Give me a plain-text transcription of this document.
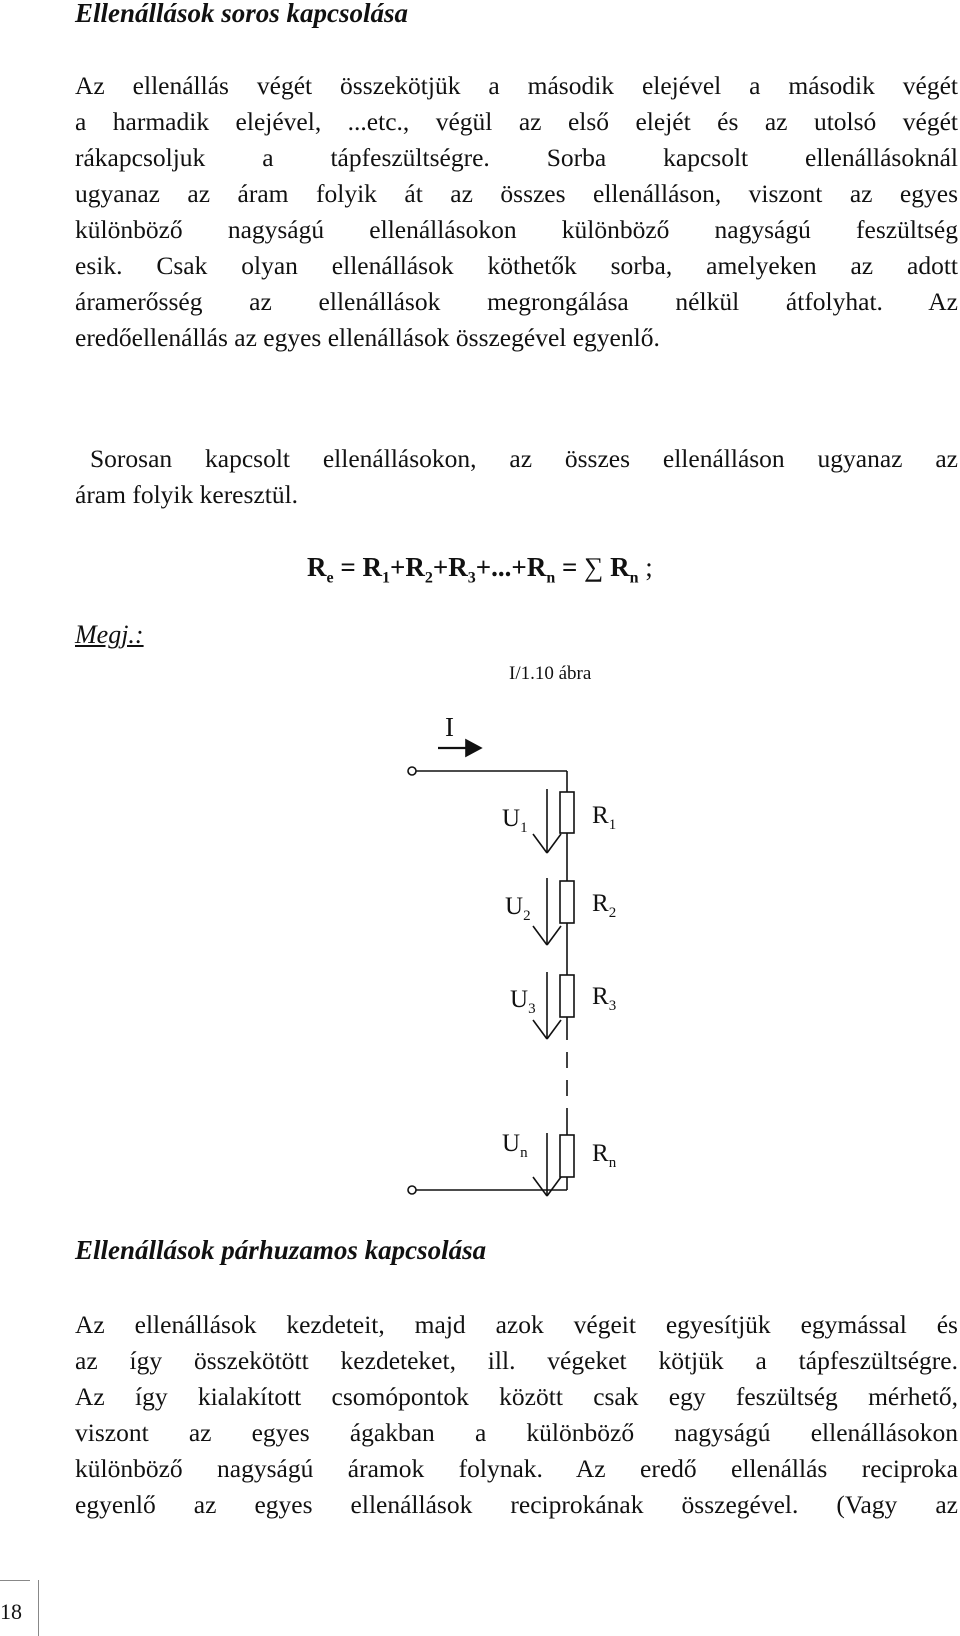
Ellenállások soros kapcsolása

Az ellenállás végét összekötjük a második elejével a második végét
a harmadik elejével, ...etc., végül az első elejét és az utolsó végét
rákapcsoljuk a tápfeszültségre. Sorba kapcsolt ellenállásoknál
ugyanaz az áram folyik át az összes ellenálláson, viszont az egyes
különböző nagyságú ellenállásokon különböző nagyságú feszültség
esik. Csak olyan ellenállások köthetők sorba, amelyeken az adott
áramerősség az ellenállások megrongálása nélkül átfolyhat. Az
eredőellenállás az egyes ellenállások összegével egyenlő.

Megj.:

Sorosan kapcsolt ellenállásokon, az összes ellenálláson ugyanaz az

áram folyik keresztül.

$R_e = R_1+R_2+R_3+...+R_n$ = ∑ $R_n$ ;
I/1.10 ábra
I
$U_1$	$R_1$
$U_2$ $R_2$
$U_3$ $R_3$
$U_n$	$R_n$
Ellenállások párhuzamos kapcsolása

Az ellenállások kezdeteit, majd azok végeit egyesítjük egymással és
az így összekötött kezdeteket, ill. végeket kötjük a tápfeszültségre.
Az így kialakított csomópontok között csak egy feszültség mérhető,
viszont az egyes ágakban a különböző nagyságú ellenállásokon
különböző nagyságú áramok folynak. Az eredő ellenállás reciproka
egyenlő az egyes ellenállások reciprokának összegével. (Vagy az

18
